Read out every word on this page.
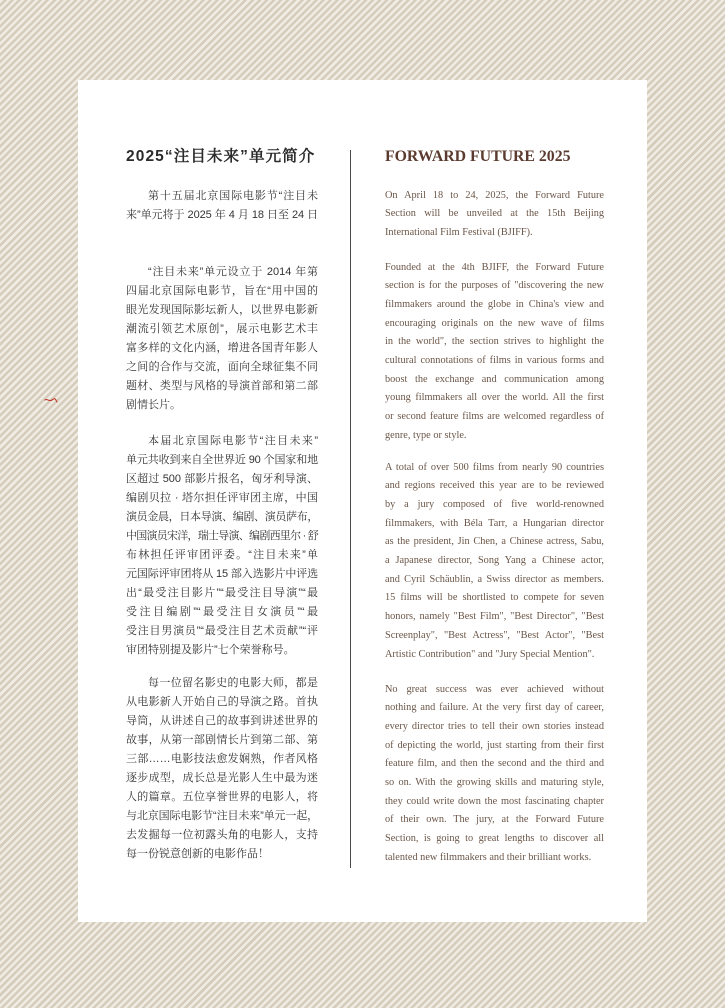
2025“注目未来”单元简介	FORWARD FUTURE 2025
第十五届北京国际电影节“注目未
来”单元将于 2025 年 4 月 18 日至 24 日
“注目未来”单元设立于 2014 年第
四届北京国际电影节，旨在“用中国的
眼光发现国际影坛新人，以世界电影新
潮流引领艺术原创”，展示电影艺术丰
富多样的文化内涵，增进各国青年影人
之间的合作与交流，面向全球征集不同
题材、类型与风格的导演首部和第二部
剧情长片。
本届北京国际电影节“注目未来”
单元共收到来自全世界近 90 个国家和地
区超过 500 部影片报名，匈牙利导演、
编剧贝拉 · 塔尔担任评审团主席，中国
演员金晨，日本导演、编剧、演员萨布，
中国演员宋洋，瑞士导演、编剧西里尔 · 舒
布林担任评审团评委。“注目未来”单
元国际评审团将从 15 部入选影片中评选
出“最受注目影片”“最受注目导演”“最
受注目编剧”“最受注目女演员”“最
受注目男演员”“最受注目艺术贡献”“评
审团特别提及影片”七个荣誉称号。
每一位留名影史的电影大师，都是
从电影新人开始自己的导演之路。首执
导筒，从讲述自己的故事到讲述世界的
故事，从第一部剧情长片到第二部、第
三部……电影技法愈发娴熟，作者风格
逐步成型，成长总是光影人生中最为迷
人的篇章。五位享誉世界的电影人，将
与北京国际电影节“注目未来”单元一起，
去发掘每一位初露头角的电影人，支持
每一份锐意创新的电影作品！
On April 18 to 24, 2025, the Forward Future
Section will be unveiled at the 15th Beijing
International Film Festival (BJIFF).
Founded at the 4th BJIFF, the Forward Future
section is for the purposes of "discovering the new
filmmakers around the globe in China's view and
encouraging originals on the new wave of films
in the world", the section strives to highlight the
cultural connotations of films in various forms and
boost the exchange and communication among
young filmmakers all over the world. All the first
or second feature films are welcomed regardless of
genre, type or style.
A total of over 500 films from nearly 90 countries
and regions received this year are to be reviewed
by a jury composed of five world-renowned
filmmakers, with Béla Tarr, a Hungarian director
as the president, Jin Chen, a Chinese actress, Sabu,
a Japanese director, Song Yang a Chinese actor,
and Cyril Schäublin, a Swiss director as members.
15 films will be shortlisted to compete for seven
honors, namely "Best Film", "Best Director", "Best
Screenplay", "Best Actress", "Best Actor", "Best
Artistic Contribution" and "Jury Special Mention".
No great success was ever achieved without
nothing and failure. At the very first day of career,
every director tries to tell their own stories instead
of depicting the world, just starting from their first
feature film, and then the second and the third and
so on. With the growing skills and maturing style,
they could write down the most fascinating chapter
of their own. The jury, at the Forward Future
Section, is going to great lengths to discover all
talented new filmmakers and their brilliant works.
